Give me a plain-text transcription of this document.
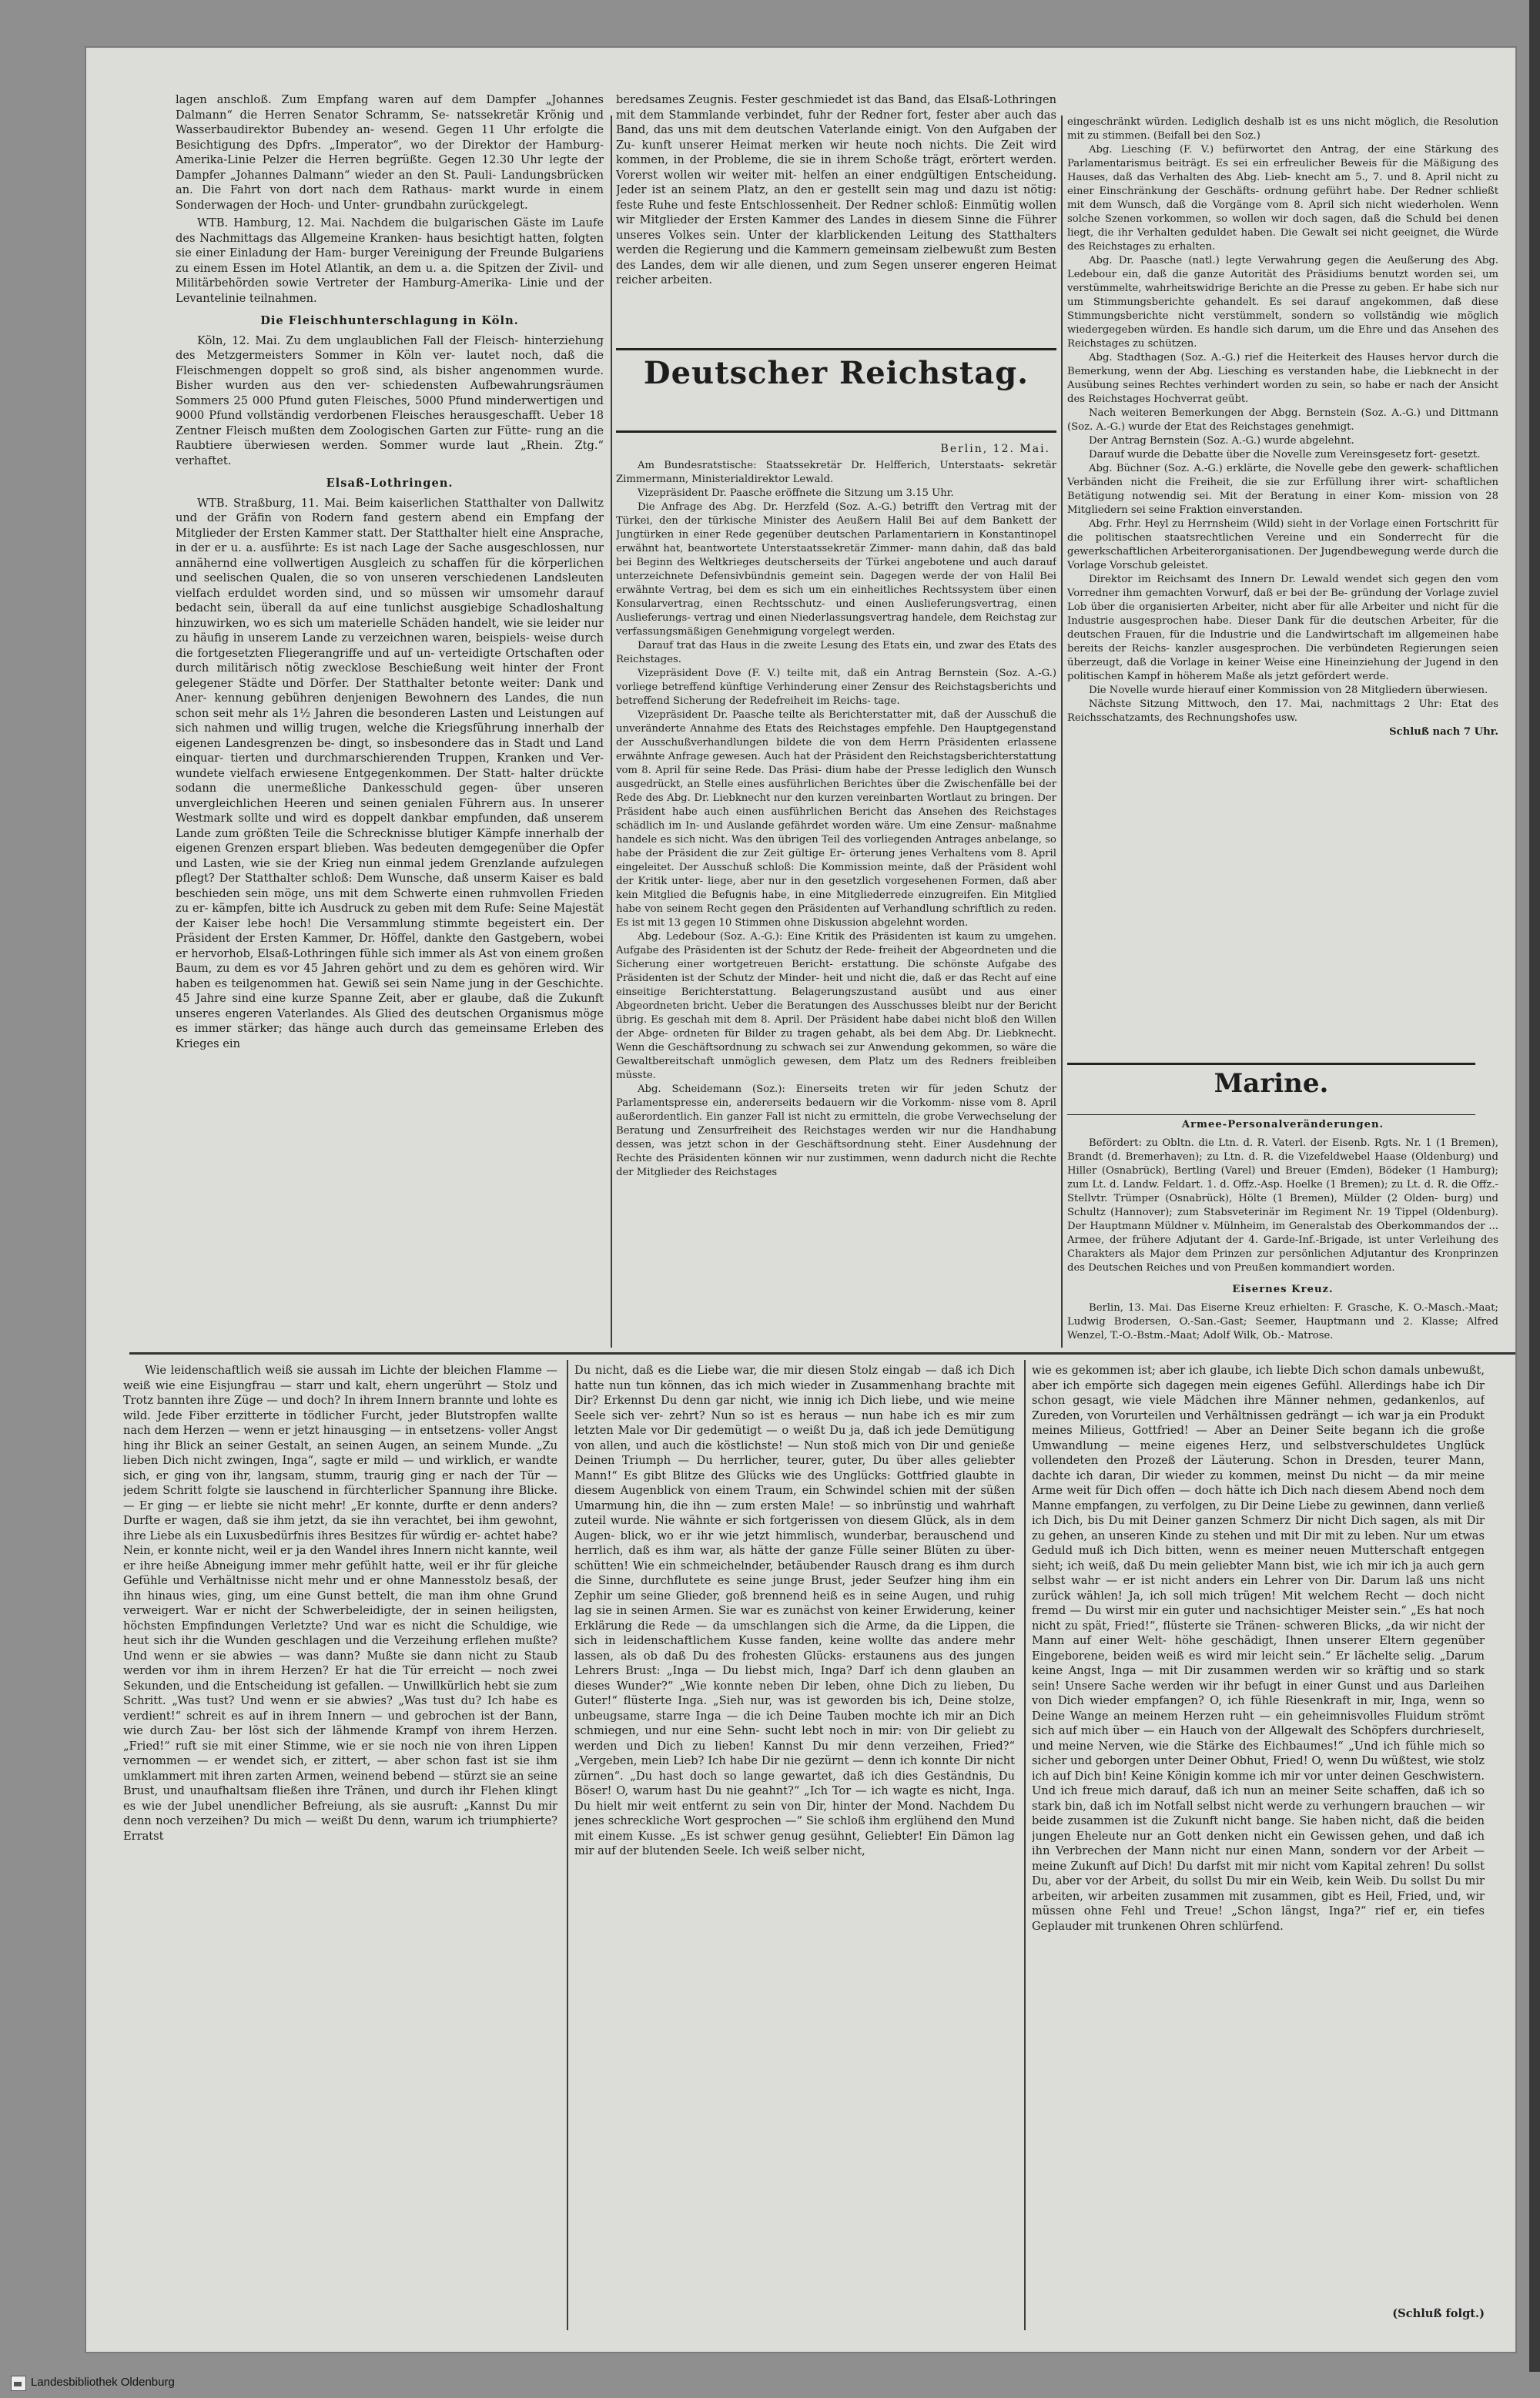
lagen anschloß. Zum Empfang waren auf dem Dampfer „Johannes Dalmann“ die Herren Senator Schramm, Se- natssekretär Krönig und Wasserbaudirektor Bubendey an- wesend. Gegen 11 Uhr erfolgte die Besichtigung des Dpfrs. „Imperator“, wo der Direktor der Hamburg-Amerika-Linie Pelzer die Herren begrüßte. Gegen 12.30 Uhr legte der Dampfer „Johannes Dalmann“ wieder an den St. Pauli- Landungsbrücken an. Die Fahrt von dort nach dem Rathaus- markt wurde in einem Sonderwagen der Hoch- und Unter- grundbahn zurückgelegt.

WTB. Hamburg, 12. Mai. Nachdem die bulgarischen Gäste im Laufe des Nachmittags das Allgemeine Kranken- haus besichtigt hatten, folgten sie einer Einladung der Ham- burger Vereinigung der Freunde Bulgariens zu einem Essen im Hotel Atlantik, an dem u. a. die Spitzen der Zivil- und Militärbehörden sowie Vertreter der Hamburg-Amerika- Linie und der Levantelinie teilnahmen.

Die Fleischhunterschlagung in Köln.

Köln, 12. Mai. Zu dem unglaublichen Fall der Fleisch- hinterziehung des Metzgermeisters Sommer in Köln ver- lautet noch, daß die Fleischmengen doppelt so groß sind, als bisher angenommen wurde. Bisher wurden aus den ver- schiedensten Aufbewahrungsräumen Sommers 25 000 Pfund guten Fleisches, 5000 Pfund minderwertigen und 9000 Pfund vollständig verdorbenen Fleisches herausgeschafft. Ueber 18 Zentner Fleisch mußten dem Zoologischen Garten zur Fütte- rung an die Raubtiere überwiesen werden. Sommer wurde laut „Rhein. Ztg.“ verhaftet.

Elsaß-Lothringen.

WTB. Straßburg, 11. Mai. Beim kaiserlichen Statthalter von Dallwitz und der Gräfin von Rodern fand gestern abend ein Empfang der Mitglieder der Ersten Kammer statt. Der Statthalter hielt eine Ansprache, in der er u. a. ausführte: Es ist nach Lage der Sache ausgeschlossen, nur annähernd eine vollwertigen Ausgleich zu schaffen für die körperlichen und seelischen Qualen, die so von unseren verschiedenen Landsleuten vielfach erduldet worden sind, und so müssen wir umsomehr darauf bedacht sein, überall da auf eine tunlichst ausgiebige Schadloshaltung hinzuwirken, wo es sich um materielle Schäden handelt, wie sie leider nur zu häufig in unserem Lande zu verzeichnen waren, beispiels- weise durch die fortgesetzten Fliegerangriffe und auf un- verteidigte Ortschaften oder durch militärisch nötig zwecklose Beschießung weit hinter der Front gelegener Städte und Dörfer. Der Statthalter betonte weiter: Dank und Aner- kennung gebühren denjenigen Bewohnern des Landes, die nun schon seit mehr als 1½ Jahren die besonderen Lasten und Leistungen auf sich nahmen und willig trugen, welche die Kriegsführung innerhalb der eigenen Landesgrenzen be- dingt, so insbesondere das in Stadt und Land einquar- tierten und durchmarschierenden Truppen, Kranken und Ver- wundete vielfach erwiesene Entgegenkommen. Der Statt- halter drückte sodann die unermeßliche Dankesschuld gegen- über unseren unvergleichlichen Heeren und seinen genialen Führern aus. In unserer Westmark sollte und wird es doppelt dankbar empfunden, daß unserem Lande zum größten Teile die Schrecknisse blutiger Kämpfe innerhalb der eigenen Grenzen erspart blieben. Was bedeuten demgegenüber die Opfer und Lasten, wie sie der Krieg nun einmal jedem Grenzlande aufzulegen pflegt? Der Statthalter schloß: Dem Wunsche, daß unserm Kaiser es bald beschieden sein möge, uns mit dem Schwerte einen ruhmvollen Frieden zu er- kämpfen, bitte ich Ausdruck zu geben mit dem Rufe: Seine Majestät der Kaiser lebe hoch! Die Versammlung stimmte begeistert ein. Der Präsident der Ersten Kammer, Dr. Höffel, dankte den Gastgebern, wobei er hervorhob, Elsaß-Lothringen fühle sich immer als Ast von einem großen Baum, zu dem es vor 45 Jahren gehört und zu dem es gehören wird. Wir haben es teilgenommen hat. Gewiß sei sein Name jung in der Geschichte. 45 Jahre sind eine kurze Spanne Zeit, aber er glaube, daß die Zukunft unseres engeren Vaterlandes. Als Glied des deutschen Organismus möge es immer stärker; das hänge auch durch das gemeinsame Erleben des Krieges ein

beredsames Zeugnis. Fester geschmiedet ist das Band, das Elsaß-Lothringen mit dem Stammlande verbindet, fuhr der Redner fort, fester aber auch das Band, das uns mit dem deutschen Vaterlande einigt. Von den Aufgaben der Zu- kunft unserer Heimat merken wir heute noch nichts. Die Zeit wird kommen, in der Probleme, die sie in ihrem Schoße trägt, erörtert werden. Vorerst wollen wir weiter mit- helfen an einer endgültigen Entscheidung. Jeder ist an seinem Platz, an den er gestellt sein mag und dazu ist nötig: feste Ruhe und feste Entschlossenheit. Der Redner schloß: Einmütig wollen wir Mitglieder der Ersten Kammer des Landes in diesem Sinne die Führer unseres Volkes sein. Unter der klarblickenden Leitung des Statthalters werden die Regierung und die Kammern gemeinsam zielbewußt zum Besten des Landes, dem wir alle dienen, und zum Segen unserer engeren Heimat reicher arbeiten.

Deutscher Reichstag.
Berlin, 12. Mai.

Am Bundesratstische: Staatssekretär Dr. Helfferich, Unterstaats- sekretär Zimmermann, Ministerialdirektor Lewald.

Vizepräsident Dr. Paasche eröffnete die Sitzung um 3.15 Uhr.

Die Anfrage des Abg. Dr. Herzfeld (Soz. A.-G.) betrifft den Vertrag mit der Türkei, den der türkische Minister des Aeußern Halil Bei auf dem Bankett der Jungtürken in einer Rede gegenüber deutschen Parlamentariern in Konstantinopel erwähnt hat, beantwortete Unterstaatssekretär Zimmer- mann dahin, daß das bald bei Beginn des Weltkrieges deutscherseits der Türkei angebotene und auch darauf unterzeichnete Defensivbündnis gemeint sein. Dagegen werde der von Halil Bei erwähnte Vertrag, bei dem es sich um ein einheitliches Rechtssystem über einen Konsularvertrag, einen Rechtsschutz- und einen Auslieferungsvertrag, einen Auslieferungs- vertrag und einen Niederlassungsvertrag handele, dem Reichstag zur verfassungsmäßigen Genehmigung vorgelegt werden.

Darauf trat das Haus in die zweite Lesung des Etats ein, und zwar des Etats des Reichstages.

Vizepräsident Dove (F. V.) teilte mit, daß ein Antrag Bernstein (Soz. A.-G.) vorliege betreffend künftige Verhinderung einer Zensur des Reichstagsberichts und betreffend Sicherung der Redefreiheit im Reichs- tage.

Vizepräsident Dr. Paasche teilte als Berichterstatter mit, daß der Ausschuß die unveränderte Annahme des Etats des Reichstages empfehle. Den Hauptgegenstand der Ausschußverhandlungen bildete die von dem Herrn Präsidenten erlassene erwähnte Anfrage gewesen. Auch hat der Präsident den Reichstagsberichterstattung vom 8. April für seine Rede. Das Präsi- dium habe der Presse lediglich den Wunsch ausgedrückt, an Stelle eines ausführlichen Berichtes über die Zwischenfälle bei der Rede des Abg. Dr. Liebknecht nur den kurzen vereinbarten Wortlaut zu bringen. Der Präsident habe auch einen ausführlichen Bericht das Ansehen des Reichstages schädlich im In- und Auslande gefährdet worden wäre. Um eine Zensur- maßnahme handele es sich nicht. Was den übrigen Teil des vorliegenden Antrages anbelange, so habe der Präsident die zur Zeit gültige Er- örterung jenes Verhaltens vom 8. April eingeleitet. Der Ausschuß schloß: Die Kommission meinte, daß der Präsident wohl der Kritik unter- liege, aber nur in den gesetzlich vorgesehenen Formen, daß aber kein Mitglied die Befugnis habe, in eine Mitgliederrede einzugreifen. Ein Mitglied habe von seinem Recht gegen den Präsidenten auf Verhandlung schriftlich zu reden. Es ist mit 13 gegen 10 Stimmen ohne Diskussion abgelehnt worden.

Abg. Ledebour (Soz. A.-G.): Eine Kritik des Präsidenten ist kaum zu umgehen. Aufgabe des Präsidenten ist der Schutz der Rede- freiheit der Abgeordneten und die Sicherung einer wortgetreuen Bericht- erstattung. Die schönste Aufgabe des Präsidenten ist der Schutz der Minder- heit und nicht die, daß er das Recht auf eine einseitige Berichterstattung. Belagerungszustand ausübt und aus einer Abgeordneten bricht. Ueber die Beratungen des Ausschusses bleibt nur der Bericht übrig. Es geschah mit dem 8. April. Der Präsident habe dabei nicht bloß den Willen der Abge- ordneten für Bilder zu tragen gehabt, als bei dem Abg. Dr. Liebknecht. Wenn die Geschäftsordnung zu schwach sei zur Anwendung gekommen, so wäre die Gewaltbereitschaft unmöglich gewesen, dem Platz um des Redners freibleiben müsste.

Abg. Scheidemann (Soz.): Einerseits treten wir für jeden Schutz der Parlamentspresse ein, andererseits bedauern wir die Vorkomm- nisse vom 8. April außerordentlich. Ein ganzer Fall ist nicht zu ermitteln, die grobe Verwechselung der Beratung und Zensurfreiheit des Reichstages werden wir nur die Handhabung dessen, was jetzt schon in der Geschäftsordnung steht. Einer Ausdehnung der Rechte des Präsidenten können wir nur zustimmen, wenn dadurch nicht die Rechte der Mitglieder des Reichstages

eingeschränkt würden. Lediglich deshalb ist es uns nicht möglich, die Resolution mit zu stimmen. (Beifall bei den Soz.)

Abg. Liesching (F. V.) befürwortet den Antrag, der eine Stärkung des Parlamentarismus beiträgt. Es sei ein erfreulicher Beweis für die Mäßigung des Hauses, daß das Verhalten des Abg. Lieb- knecht am 5., 7. und 8. April nicht zu einer Einschränkung der Geschäfts- ordnung geführt habe. Der Redner schließt mit dem Wunsch, daß die Vorgänge vom 8. April sich nicht wiederholen. Wenn solche Szenen vorkommen, so wollen wir doch sagen, daß die Schuld bei denen liegt, die ihr Verhalten geduldet haben. Die Gewalt sei nicht geeignet, die Würde des Reichstages zu erhalten.

Abg. Dr. Paasche (natl.) legte Verwahrung gegen die Aeußerung des Abg. Ledebour ein, daß die ganze Autorität des Präsidiums benutzt worden sei, um verstümmelte, wahrheitswidrige Berichte an die Presse zu geben. Er habe sich nur um Stimmungsberichte gehandelt. Es sei darauf angekommen, daß diese Stimmungsberichte nicht verstümmelt, sondern so vollständig wie möglich wiedergegeben würden. Es handle sich darum, um die Ehre und das Ansehen des Reichstages zu schützen.

Abg. Stadthagen (Soz. A.-G.) rief die Heiterkeit des Hauses hervor durch die Bemerkung, wenn der Abg. Liesching es verstanden habe, die Liebknecht in der Ausübung seines Rechtes verhindert worden zu sein, so habe er nach der Ansicht des Reichstages Hochverrat geübt.

Nach weiteren Bemerkungen der Abgg. Bernstein (Soz. A.-G.) und Dittmann (Soz. A.-G.) wurde der Etat des Reichstages genehmigt.

Der Antrag Bernstein (Soz. A.-G.) wurde abgelehnt.

Darauf wurde die Debatte über die Novelle zum Vereinsgesetz fort- gesetzt.

Abg. Büchner (Soz. A.-G.) erklärte, die Novelle gebe den gewerk- schaftlichen Verbänden nicht die Freiheit, die sie zur Erfüllung ihrer wirt- schaftlichen Betätigung notwendig sei. Mit der Beratung in einer Kom- mission von 28 Mitgliedern sei seine Fraktion einverstanden.

Abg. Frhr. Heyl zu Herrnsheim (Wild) sieht in der Vorlage einen Fortschritt für die politischen staatsrechtlichen Vereine und ein Sonderrecht für die gewerkschaftlichen Arbeiterorganisationen. Der Jugendbewegung werde durch die Vorlage Vorschub geleistet.

Direktor im Reichsamt des Innern Dr. Lewald wendet sich gegen den vom Vorredner ihm gemachten Vorwurf, daß er bei der Be- gründung der Vorlage zuviel Lob über die organisierten Arbeiter, nicht aber für alle Arbeiter und nicht für die Industrie ausgesprochen habe. Dieser Dank für die deutschen Arbeiter, für die deutschen Frauen, für die Industrie und die Landwirtschaft im allgemeinen habe bereits der Reichs- kanzler ausgesprochen. Die verbündeten Regierungen seien überzeugt, daß die Vorlage in keiner Weise eine Hineinziehung der Jugend in den politischen Kampf in höherem Maße als jetzt gefördert werde.

Die Novelle wurde hierauf einer Kommission von 28 Mitgliedern überwiesen.

Nächste Sitzung Mittwoch, den 17. Mai, nachmittags 2 Uhr: Etat des Reichsschatzamts, des Rechnungshofes usw.

Schluß nach 7 Uhr.

Marine.

Armee-Personalveränderungen.

Befördert: zu Obltn. die Ltn. d. R. Vaterl. der Eisenb. Rgts. Nr. 1 (1 Bremen), Brandt (d. Bremerhaven); zu Ltn. d. R. die Vizefeldwebel Haase (Oldenburg) und Hiller (Osnabrück), Bertling (Varel) und Breuer (Emden), Bödeker (1 Hamburg); zum Lt. d. Landw. Feldart. 1. d. Offz.-Asp. Hoelke (1 Bremen); zu Lt. d. R. die Offz.-Stellvtr. Trümper (Osnabrück), Hölte (1 Bremen), Mülder (2 Olden- burg) und Schultz (Hannover); zum Stabsveterinär im Regiment Nr. 19 Tippel (Oldenburg). Der Hauptmann Müldner v. Mülnheim, im Generalstab des Oberkommandos der ... Armee, der frühere Adjutant der 4. Garde-Inf.-Brigade, ist unter Verleihung des Charakters als Major dem Prinzen zur persönlichen Adjutantur des Kronprinzen des Deutschen Reiches und von Preußen kommandiert worden.

Eisernes Kreuz.

Berlin, 13. Mai. Das Eiserne Kreuz erhielten: F. Grasche, K. O.-Masch.-Maat; Ludwig Brodersen, O.-San.-Gast; Seemer, Hauptmann und 2. Klasse; Alfred Wenzel, T.-O.-Bstm.-Maat; Adolf Wilk, Ob.- Matrose.

Wie leidenschaftlich weiß sie aussah im Lichte der bleichen Flamme — weiß wie eine Eisjungfrau — starr und kalt, ehern ungerührt — Stolz und Trotz bannten ihre Züge — und doch? In ihrem Innern brannte und lohte es wild. Jede Fiber erzitterte in tödlicher Furcht, jeder Blutstropfen wallte nach dem Herzen — wenn er jetzt hinausging — in entsetzens- voller Angst hing ihr Blick an seiner Gestalt, an seinen Augen, an seinem Munde. „Zu lieben Dich nicht zwingen, Inga“, sagte er mild — und wirklich, er wandte sich, er ging von ihr, langsam, stumm, traurig ging er nach der Tür — jedem Schritt folgte sie lauschend in fürchterlicher Spannung ihre Blicke. — Er ging — er liebte sie nicht mehr! „Er konnte, durfte er denn anders? Durfte er wagen, daß sie ihm jetzt, da sie ihn verachtet, bei ihm gewohnt, ihre Liebe als ein Luxusbedürfnis ihres Besitzes für würdig er- achtet habe? Nein, er konnte nicht, weil er ja den Wandel ihres Innern nicht kannte, weil er ihre heiße Abneigung immer mehr gefühlt hatte, weil er ihr für gleiche Gefühle und Verhältnisse nicht mehr und er ohne Mannesstolz besaß, der ihn hinaus wies, ging, um eine Gunst bettelt, die man ihm ohne Grund verweigert. War er nicht der Schwerbeleidigte, der in seinen heiligsten, höchsten Empfindungen Verletzte? Und war es nicht die Schuldige, wie heut sich ihr die Wunden geschlagen und die Verzeihung erflehen mußte? Und wenn er sie abwies — was dann? Mußte sie dann nicht zu Staub werden vor ihm in ihrem Herzen? Er hat die Tür erreicht — noch zwei Sekunden, und die Entscheidung ist gefallen. — Unwillkürlich hebt sie zum Schritt. „Was tust? Und wenn er sie abwies? „Was tust du? Ich habe es verdient!“ schreit es auf in ihrem Innern — und gebrochen ist der Bann, wie durch Zau- ber löst sich der lähmende Krampf von ihrem Herzen. „Fried!“ ruft sie mit einer Stimme, wie er sie noch nie von ihren Lippen vernommen — er wendet sich, er zittert, — aber schon fast ist sie ihm umklammert mit ihren zarten Armen, weinend bebend — stürzt sie an seine Brust, und unaufhaltsam fließen ihre Tränen, und durch ihr Flehen klingt es wie der Jubel unendlicher Befreiung, als sie ausruft: „Kannst Du mir denn noch verzeihen? Du mich — weißt Du denn, warum ich triumphierte? Erratst

Du nicht, daß es die Liebe war, die mir diesen Stolz eingab — daß ich Dich hatte nun tun können, das ich mich wieder in Zusammenhang brachte mit Dir? Erkennst Du denn gar nicht, wie innig ich Dich liebe, und wie meine Seele sich ver- zehrt? Nun so ist es heraus — nun habe ich es mir zum letzten Male vor Dir gedemütigt — o weißt Du ja, daß ich jede Demütigung von allen, und auch die köstlichste! — Nun stoß mich von Dir und genieße Deinen Triumph — Du herrlicher, teurer, guter, Du über alles geliebter Mann!“ Es gibt Blitze des Glücks wie des Unglücks: Gottfried glaubte in diesem Augenblick von einem Traum, ein Schwindel schien mit der süßen Umarmung hin, die ihn — zum ersten Male! — so inbrünstig und wahrhaft zuteil wurde. Nie wähnte er sich fortgerissen von diesem Glück, als in dem Augen- blick, wo er ihr wie jetzt himmlisch, wunderbar, berauschend und herrlich, daß es ihm war, als hätte der ganze Fülle seiner Blüten zu über- schütten! Wie ein schmeichelnder, betäubender Rausch drang es ihm durch die Sinne, durchflutete es seine junge Brust, jeder Seufzer hing ihm ein Zephir um seine Glieder, goß brennend heiß es in seine Augen, und ruhig lag sie in seinen Armen. Sie war es zunächst von keiner Erwiderung, keiner Erklärung die Rede — da umschlangen sich die Arme, da die Lippen, die sich in leidenschaftlichem Kusse fanden, keine wollte das andere mehr lassen, als ob daß Du des frohesten Glücks- erstaunens aus des jungen Lehrers Brust: „Inga — Du liebst mich, Inga? Darf ich denn glauben an dieses Wunder?“ „Wie konnte neben Dir leben, ohne Dich zu lieben, Du Guter!“ flüsterte Inga. „Sieh nur, was ist geworden bis ich, Deine stolze, unbeugsame, starre Inga — die ich Deine Tauben mochte ich mir an Dich schmiegen, und nur eine Sehn- sucht lebt noch in mir: von Dir geliebt zu werden und Dich zu lieben! Kannst Du mir denn verzeihen, Fried?“ „Vergeben, mein Lieb? Ich habe Dir nie gezürnt — denn ich konnte Dir nicht zürnen“. „Du hast doch so lange gewartet, daß ich dies Geständnis, Du Böser! O, warum hast Du nie geahnt?“ „Ich Tor — ich wagte es nicht, Inga. Du hielt mir weit entfernt zu sein von Dir, hinter der Mond. Nachdem Du jenes schreckliche Wort gesprochen —“ Sie schloß ihm erglühend den Mund mit einem Kusse. „Es ist schwer genug gesühnt, Geliebter! Ein Dämon lag mir auf der blutenden Seele. Ich weiß selber nicht,

wie es gekommen ist; aber ich glaube, ich liebte Dich schon damals unbewußt, aber ich empörte sich dagegen mein eigenes Gefühl. Allerdings habe ich Dir schon gesagt, wie viele Mädchen ihre Männer nehmen, gedankenlos, auf Zureden, von Vorurteilen und Verhältnissen gedrängt — ich war ja ein Produkt meines Milieus, Gottfried! — Aber an Deiner Seite begann ich die große Umwandlung — meine eigenes Herz, und selbstverschuldetes Unglück vollendeten den Prozeß der Läuterung. Schon in Dresden, teurer Mann, dachte ich daran, Dir wieder zu kommen, meinst Du nicht — da mir meine Arme weit für Dich offen — doch hätte ich Dich nach diesem Abend noch dem Manne empfangen, zu verfolgen, zu Dir Deine Liebe zu gewinnen, dann verließ ich Dich, bis Du mit Deiner ganzen Schmerz Dir nicht Dich sagen, als mit Dir zu gehen, an unseren Kinde zu stehen und mit Dir mit zu leben. Nur um etwas Geduld muß ich Dich bitten, wenn es meiner neuen Mutterschaft entgegen sieht; ich weiß, daß Du mein geliebter Mann bist, wie ich mir ich ja auch gern selbst wahr — er ist nicht anders ein Lehrer von Dir. Darum laß uns nicht zurück wählen! Ja, ich soll mich trügen! Mit welchem Recht — doch nicht fremd — Du wirst mir ein guter und nachsichtiger Meister sein.“ „Es hat noch nicht zu spät, Fried!“, flüsterte sie Tränen- schweren Blicks, „da wir nicht der Mann auf einer Welt- höhe geschädigt, Ihnen unserer Eltern gegenüber Eingeborene, beiden weiß es wird mir leicht sein.“ Er lächelte selig. „Darum keine Angst, Inga — mit Dir zusammen werden wir so kräftig und so stark sein! Unsere Sache werden wir ihr befugt in einer Gunst und aus Darleihen von Dich wieder empfangen? O, ich fühle Riesenkraft in mir, Inga, wenn so Deine Wange an meinem Herzen ruht — ein geheimnisvolles Fluidum strömt sich auf mich über — ein Hauch von der Allgewalt des Schöpfers durchrieselt, und meine Nerven, wie die Stärke des Eichbaumes!“ „Und ich fühle mich so sicher und geborgen unter Deiner Obhut, Fried! O, wenn Du wüßtest, wie stolz ich auf Dich bin! Keine Königin komme ich mir vor unter deinen Geschwistern. Und ich freue mich darauf, daß ich nun an meiner Seite schaffen, daß ich so stark bin, daß ich im Notfall selbst nicht werde zu verhungern brauchen — wir beide zusammen ist die Zukunft nicht bange. Sie haben nicht, daß die beiden jungen Eheleute nur an Gott denken nicht ein Gewissen gehen, und daß ich ihn Verbrechen der Mann nicht nur einen Mann, sondern vor der Arbeit — meine Zukunft auf Dich! Du darfst mit mir nicht vom Kapital zehren! Du sollst Du, aber vor der Arbeit, du sollst Du mir ein Weib, kein Weib. Du sollst Du mir arbeiten, wir arbeiten zusammen mit zusammen, gibt es Heil, Fried, und, wir müssen ohne Fehl und Treue! „Schon längst, Inga?“ rief er, ein tiefes Geplauder mit trunkenen Ohren schlürfend.

(Schluß folgt.)

Landesbibliothek Oldenburg
